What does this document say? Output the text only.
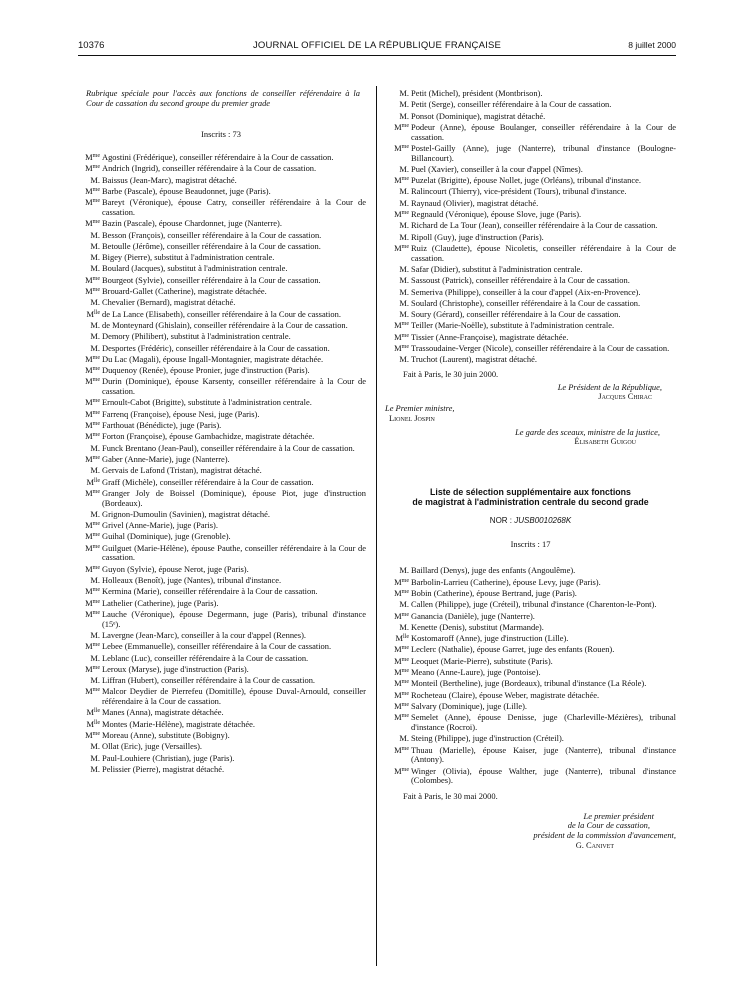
10376	JOURNAL OFFICIEL DE LA RÉPUBLIQUE FRANÇAISE	8 juillet 2000
Rubrique spéciale pour l'accès aux fonctions de conseiller référendaire à la Cour de cassation du second groupe du premier grade
Inscrits : 73
$M^{me}$ Agostini (Frédérique), conseiller référendaire à la Cour de cassation.
$M^{me}$ Andrich (Ingrid), conseiller référendaire à la Cour de cassation.
M. Baissus (Jean-Marc), magistrat détaché.
$M^{me}$ Barbe (Pascale), épouse Beaudonnet, juge (Paris).
$M^{me}$ Bareyt (Véronique), épouse Catry, conseiller référendaire à la Cour de cassation.
$M^{me}$ Bazin (Pascale), épouse Chardonnet, juge (Nanterre).
M. Besson (François), conseiller référendaire à la Cour de cassation.
M. Betoulle (Jérôme), conseiller référendaire à la Cour de cassation.
M. Bigey (Pierre), substitut à l'administration centrale.
M. Boulard (Jacques), substitut à l'administration centrale.
$M^{me}$ Bourgeot (Sylvie), conseiller référendaire à la Cour de cassation.
$M^{me}$ Brouard-Gallet (Catherine), magistrate détachée.
M. Chevalier (Bernard), magistrat détaché.
$M^{lle}$ de La Lance (Elisabeth), conseiller référendaire à la Cour de cassation.
M. de Monteynard (Ghislain), conseiller référendaire à la Cour de cassation.
M. Demory (Philibert), substitut à l'administration centrale.
M. Desportes (Frédéric), conseiller référendaire à la Cour de cassation.
$M^{me}$ Du Lac (Magali), épouse Ingall-Montagnier, magistrate détachée.
$M^{me}$ Duquenoy (Renée), épouse Pronier, juge d'instruction (Paris).
$M^{me}$ Durin (Dominique), épouse Karsenty, conseiller référendaire à la Cour de cassation.
$M^{me}$ Ernoult-Cabot (Brigitte), substitute à l'administration centrale.
$M^{me}$ Farrenq (Françoise), épouse Nesi, juge (Paris).
$M^{me}$ Farthouat (Bénédicte), juge (Paris).
$M^{me}$ Forton (Françoise), épouse Gambachidze, magistrate détachée.
M. Funck Brentano (Jean-Paul), conseiller référendaire à la Cour de cassation.
$M^{me}$ Gaber (Anne-Marie), juge (Nanterre).
M. Gervais de Lafond (Tristan), magistrat détaché.
$M^{lle}$ Graff (Michèle), conseiller référendaire à la Cour de cassation.
$M^{me}$ Granger Joly de Boissel (Dominique), épouse Piot, juge d'instruction (Bordeaux).
M. Grignon-Dumoulin (Savinien), magistrat détaché.
$M^{me}$ Grivel (Anne-Marie), juge (Paris).
$M^{me}$ Guihal (Dominique), juge (Grenoble).
$M^{me}$ Guilguet (Marie-Hélène), épouse Pauthe, conseiller référendaire à la Cour de cassation.
$M^{me}$ Guyon (Sylvie), épouse Nerot, juge (Paris).
M. Holleaux (Benoît), juge (Nantes), tribunal d'instance.
$M^{me}$ Kermina (Marie), conseiller référendaire à la Cour de cassation.
$M^{me}$ Lathelier (Catherine), juge (Paris).
$M^{me}$ Lauche (Véronique), épouse Degermann, juge (Paris), tribunal d'instance (15ᵉ).
M. Lavergne (Jean-Marc), conseiller à la cour d'appel (Rennes).
$M^{me}$ Lebee (Emmanuelle), conseiller référendaire à la Cour de cassation.
M. Leblanc (Luc), conseiller référendaire à la Cour de cassation.
$M^{me}$ Leroux (Maryse), juge d'instruction (Paris).
M. Liffran (Hubert), conseiller référendaire à la Cour de cassation.
$M^{me}$ Malcor Deydier de Pierrefeu (Domitille), épouse Duval-Arnould, conseiller référendaire à la Cour de cassation.
$M^{lle}$ Manes (Anna), magistrate détachée.
$M^{lle}$ Montes (Marie-Hélène), magistrate détachée.
$M^{me}$ Moreau (Anne), substitute (Bobigny).
M. Ollat (Eric), juge (Versailles).
M. Paul-Louhiere (Christian), juge (Paris).
M. Pelissier (Pierre), magistrat détaché.
M. Petit (Michel), président (Montbrison).
M. Petit (Serge), conseiller référendaire à la Cour de cassation.
M. Ponsot (Dominique), magistrat détaché.
$M^{me}$ Podeur (Anne), épouse Boulanger, conseiller référendaire à la Cour de cassation.
$M^{me}$ Postel-Gailly (Anne), juge (Nanterre), tribunal d'instance (Boulogne-Billancourt).
M. Puel (Xavier), conseiller à la cour d'appel (Nîmes).
$M^{me}$ Puzelat (Brigitte), épouse Nollet, juge (Orléans), tribunal d'instance.
M. Ralincourt (Thierry), vice-président (Tours), tribunal d'instance.
M. Raynaud (Olivier), magistrat détaché.
$M^{me}$ Regnauld (Véronique), épouse Slove, juge (Paris).
M. Richard de La Tour (Jean), conseiller référendaire à la Cour de cassation.
M. Ripoll (Guy), juge d'instruction (Paris).
$M^{me}$ Ruiz (Claudette), épouse Nicoletis, conseiller référendaire à la Cour de cassation.
M. Safar (Didier), substitut à l'administration centrale.
M. Sassoust (Patrick), conseiller référendaire à la Cour de cassation.
M. Semeriva (Philippe), conseiller à la cour d'appel (Aix-en-Provence).
M. Soulard (Christophe), conseiller référendaire à la Cour de cassation.
M. Soury (Gérard), conseiller référendaire à la Cour de cassation.
$M^{me}$ Teiller (Marie-Noëlle), substitute à l'administration centrale.
$M^{me}$ Tissier (Anne-Françoise), magistrate détachée.
$M^{me}$ Trassoudaine-Verger (Nicole), conseiller référendaire à la Cour de cassation.
M. Truchot (Laurent), magistrat détaché.
Fait à Paris, le 30 juin 2000.
Le Président de la République,
Jacques Chirac
Le Premier ministre,
Lionel Jospin
Le garde des sceaux, ministre de la justice,
Élisabeth Guigou
Liste de sélection supplémentaire aux fonctions
de magistrat à l'administration centrale du second grade
NOR : JUSB0010268K
Inscrits : 17
M. Baillard (Denys), juge des enfants (Angoulême).
$M^{me}$ Barbolin-Larrieu (Catherine), épouse Levy, juge (Paris).
$M^{me}$ Bobin (Catherine), épouse Bertrand, juge (Paris).
M. Callen (Philippe), juge (Créteil), tribunal d'instance (Charenton-le-Pont).
$M^{me}$ Ganancia (Danièle), juge (Nanterre).
M. Kenette (Denis), substitut (Marmande).
$M^{lle}$ Kostomaroff (Anne), juge d'instruction (Lille).
$M^{me}$ Leclerc (Nathalie), épouse Garret, juge des enfants (Rouen).
$M^{me}$ Leoquet (Marie-Pierre), substitute (Paris).
$M^{me}$ Meano (Anne-Laure), juge (Pontoise).
$M^{me}$ Monteil (Bertheline), juge (Bordeaux), tribunal d'instance (La Réole).
$M^{me}$ Rocheteau (Claire), épouse Weber, magistrate détachée.
$M^{me}$ Salvary (Dominique), juge (Lille).
$M^{me}$ Semelet (Anne), épouse Denisse, juge (Charleville-Mézières), tribunal d'instance (Rocroi).
M. Steing (Philippe), juge d'instruction (Créteil).
$M^{me}$ Thuau (Marielle), épouse Kaiser, juge (Nanterre), tribunal d'instance (Antony).
$M^{me}$ Winger (Olivia), épouse Walther, juge (Nanterre), tribunal d'instance (Colombes).
Fait à Paris, le 30 mai 2000.
Le premier président
de la Cour de cassation,
président de la commission d'avancement,
G. Canivet
